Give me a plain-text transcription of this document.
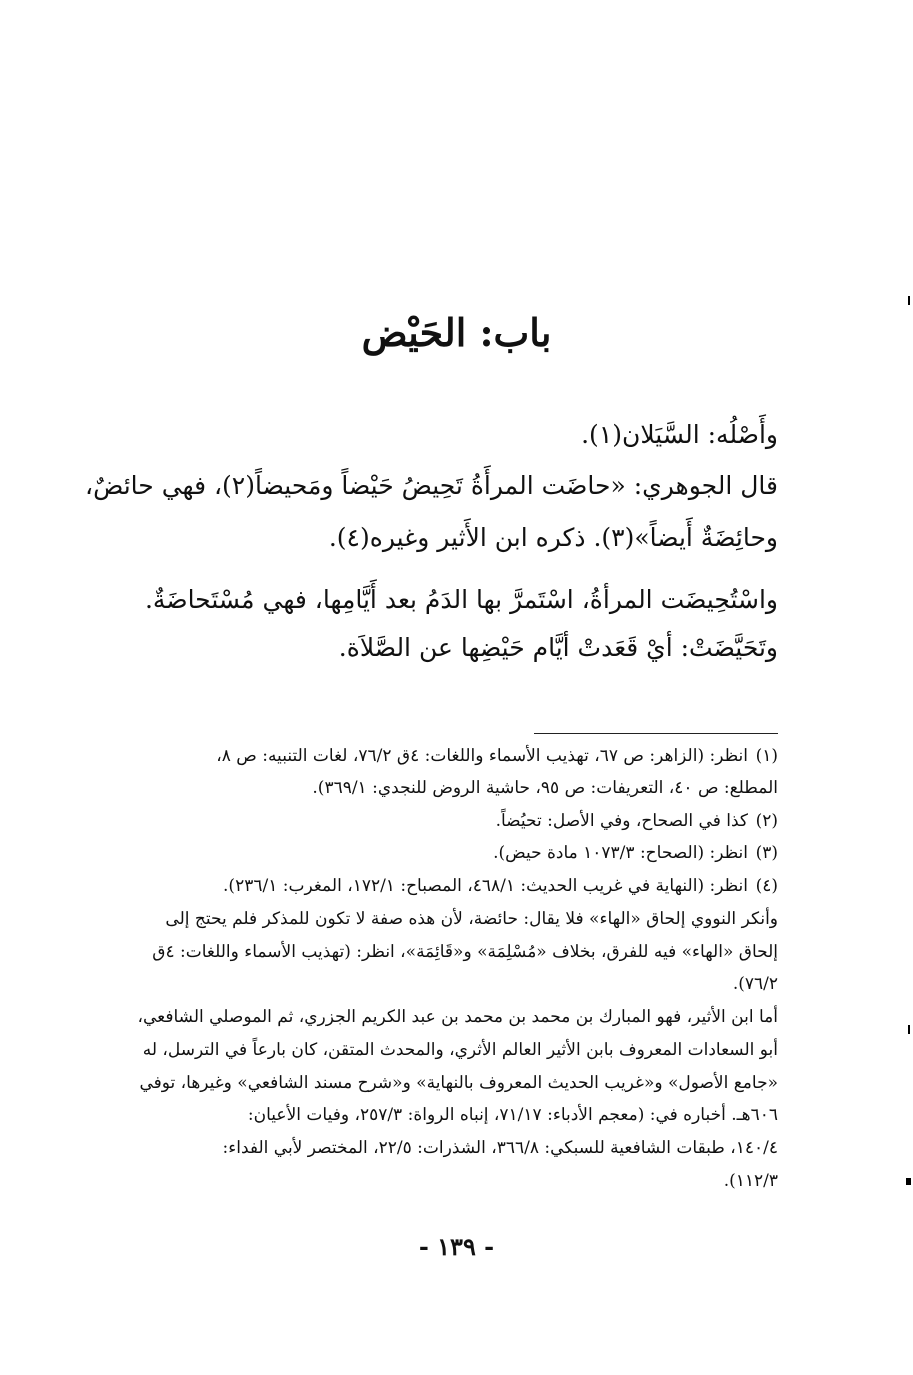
باب: الحَيْض
وأَصْلُه: السَّيَلان(١).
قال الجوهري: «حاضَت المرأَةُ تَحِيضُ حَيْضاً ومَحيضاً(٢)، فهي حائضٌ،
وحائِضَةٌ أَيضاً»(٣). ذكره ابن الأَثير وغيره(٤).
واسْتُحِيضَت المرأةُ، اسْتَمرَّ بها الدَمُ بعد أَيَّامِها، فهي مُسْتَحاضَةٌ.
وتَحَيَّضَتْ: أيْ قَعَدتْ أيَّام حَيْضِها عن الصَّلاَة.
(١)انظر: (الزاهر: ص ٦٧، تهذيب الأسماء واللغات: ٤ق ٧٦/٢، لغات التنبيه: ص ٨،
المطلع: ص ٤٠، التعريفات: ص ٩٥، حاشية الروض للنجدي: ٣٦٩/١).
(٢)كذا في الصحاح، وفي الأصل: تحيُضاً.
(٣)انظر: (الصحاح: ١٠٧٣/٣ مادة حيض).
(٤)انظر: (النهاية في غريب الحديث: ٤٦٨/١، المصباح: ١٧٢/١، المغرب: ٢٣٦/١).
وأنكر النووي إلحاق «الهاء» فلا يقال: حائضة، لأن هذه صفة لا تكون للمذكر فلم يحتج إلى
إلحاق «الهاء» فيه للفرق، بخلاف «مُسْلِمَة» و«قَائِمَة»، انظر: (تهذيب الأسماء واللغات: ٤ق
٧٦/٢).
أما ابن الأثير، فهو المبارك بن محمد بن محمد بن عبد الكريم الجزري، ثم الموصلي الشافعي،
أبو السعادات المعروف بابن الأثير العالم الأثري، والمحدث المتقن، كان بارعاً في الترسل، له
«جامع الأصول» و«غريب الحديث المعروف بالنهاية» و«شرح مسند الشافعي» وغيرها، توفي
٦٠٦هـ. أخباره في: (معجم الأدباء: ٧١/١٧، إنباه الرواة: ٢٥٧/٣، وفيات الأعيان:
١٤٠/٤، طبقات الشافعية للسبكي: ٣٦٦/٨، الشذرات: ٢٢/٥، المختصر لأبي الفداء:
١١٢/٣).
- ١٣٩ -
